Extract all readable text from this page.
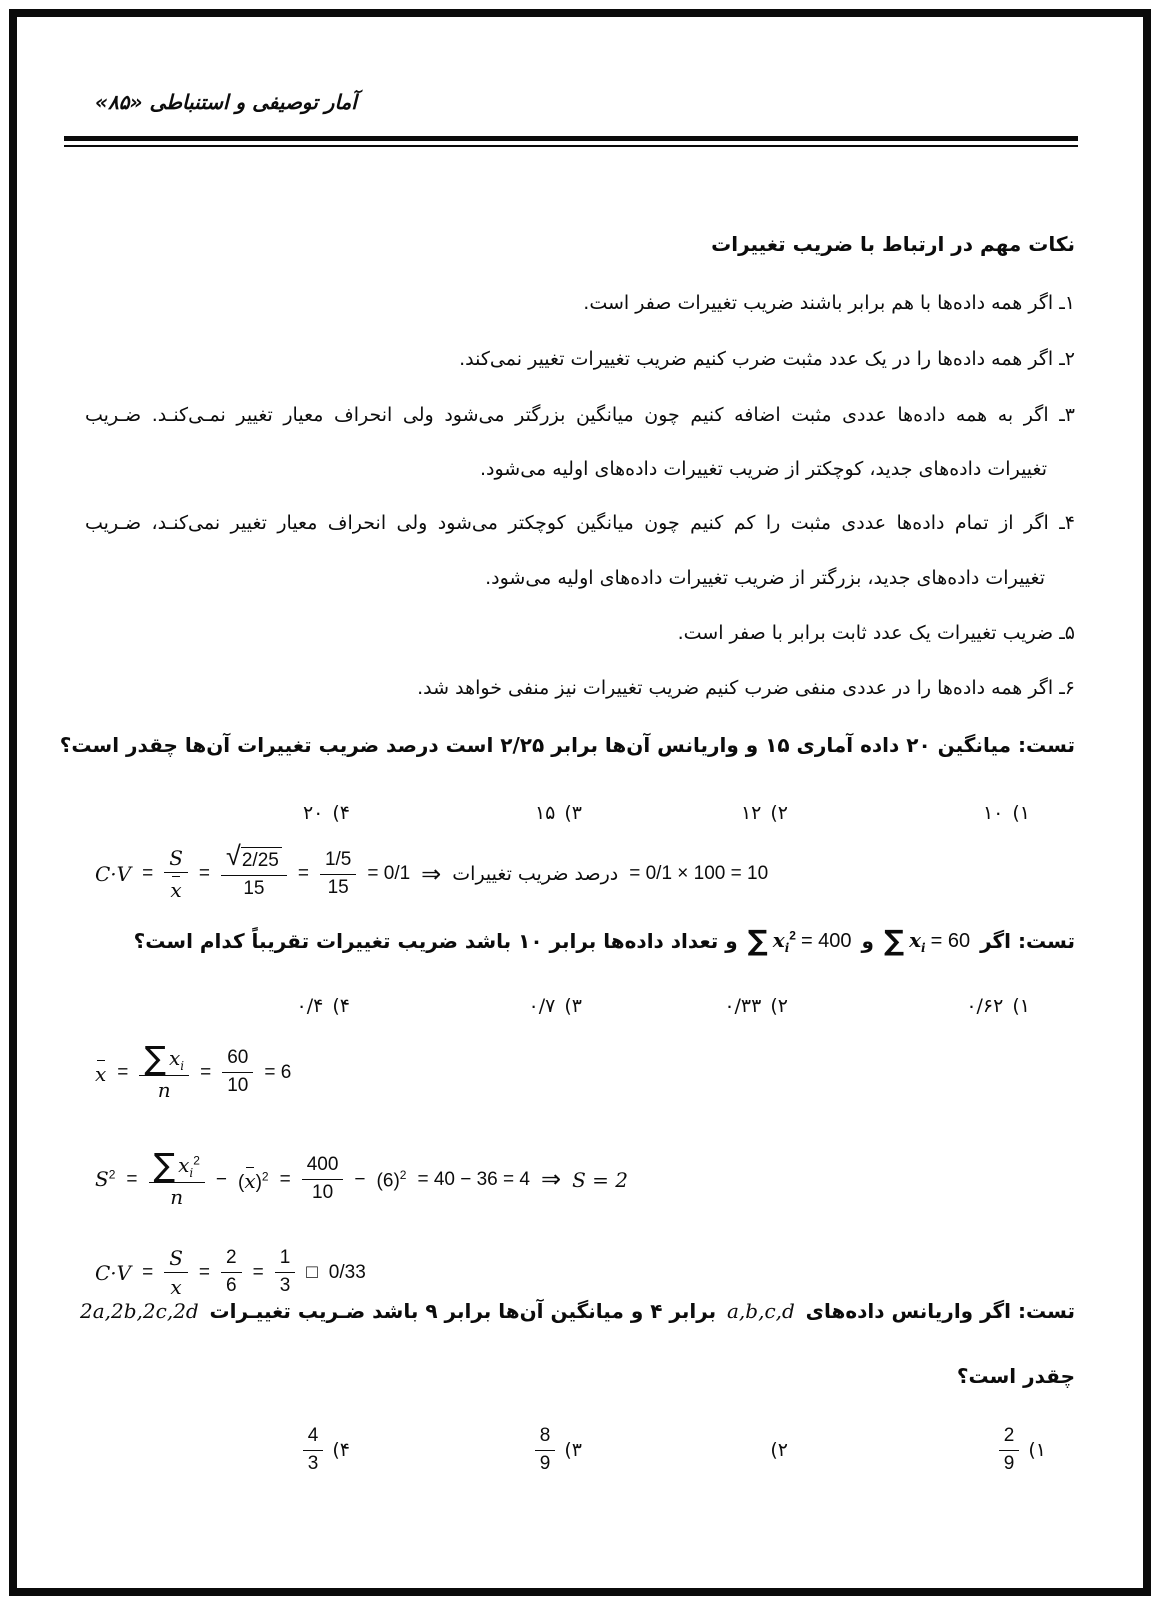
آمار توصیفی و استنباطی «۸۵»
نکات مهم در ارتباط با ضریب تغییرات
۱ـ اگر همه داده‌ها با هم برابر باشند ضریب تغییرات صفر است.
۲ـ اگر همه داده‌ها را در یک عدد مثبت ضرب کنیم ضریب تغییرات تغییر نمی‌کند.
۳ـ اگر به همه داده‌ها عددی مثبت اضافه کنیم چون میانگین بزرگتر می‌شود ولی انحراف معیار تغییر نمـی‌کنـد. ضـریب
تغییرات داده‌های جدید، کوچکتر از ضریب تغییرات داده‌های اولیه می‌شود.
۴ـ اگر از تمام داده‌ها عددی مثبت را کم کنیم چون میانگین کوچکتر می‌شود ولی انحراف معیار تغییر نمی‌کنـد، ضـریب
تغییرات داده‌های جدید، بزرگتر از ضریب تغییرات داده‌های اولیه می‌شود.
۵ـ ضریب تغییرات یک عدد ثابت برابر با صفر است.
۶ـ اگر همه داده‌ها را در عددی منفی ضرب کنیم ضریب تغییرات نیز منفی خواهد شد.
تست: میانگین ۲۰ داده آماری ۱۵ و واریانس آن‌ها برابر ۲/۲۵ است درصد ضریب تغییرات آن‌ها چقدر است؟
۱)
۱۰
۲)
۱۲
۳)
۱۵
۴)
۲۰
$C\cdot V = \frac{S}{x}$ = √ $\frac{2/25}{15} = \frac{1/5}{15} = 0/1$ ⇒ درصد ضریب تغییرات = 0/1 × 100 = 10
تست: اگر
∑ $x_i = 60$
و
∑ $x_i^2 = 400$
و تعداد داده‌ها برابر ۱۰ باشد ضریب تغییرات تقریباً کدام است؟
۱)
۰/۶۲
۲)
۰/۳۳
۳)
۰/۷
۴)
۰/۴
$x = \frac{\sum x_i}{n} = \frac{60}{10} = 6$
$S^2 = \frac{\sum x_i^2}{n} - (x)^2 = \frac{400}{10} - (6)^2 = 40 - 36 = 4$ ⇒ S = 2
$C\cdot V = \frac{S}{x} = \frac{2}{6} = \frac{1}{3}$ □ 0/33
تست: اگر واریانس داده‌های
a,b,c,d
برابر ۴ و میانگین آن‌ها برابر ۹ باشد ضـریب تغییـرات
2a,2b,2c,2d
چقدر است؟
۱)
$\frac{2}{9}$
۲)
۳)
$\frac{8}{9}$
۴)
$\frac{4}{3}$
